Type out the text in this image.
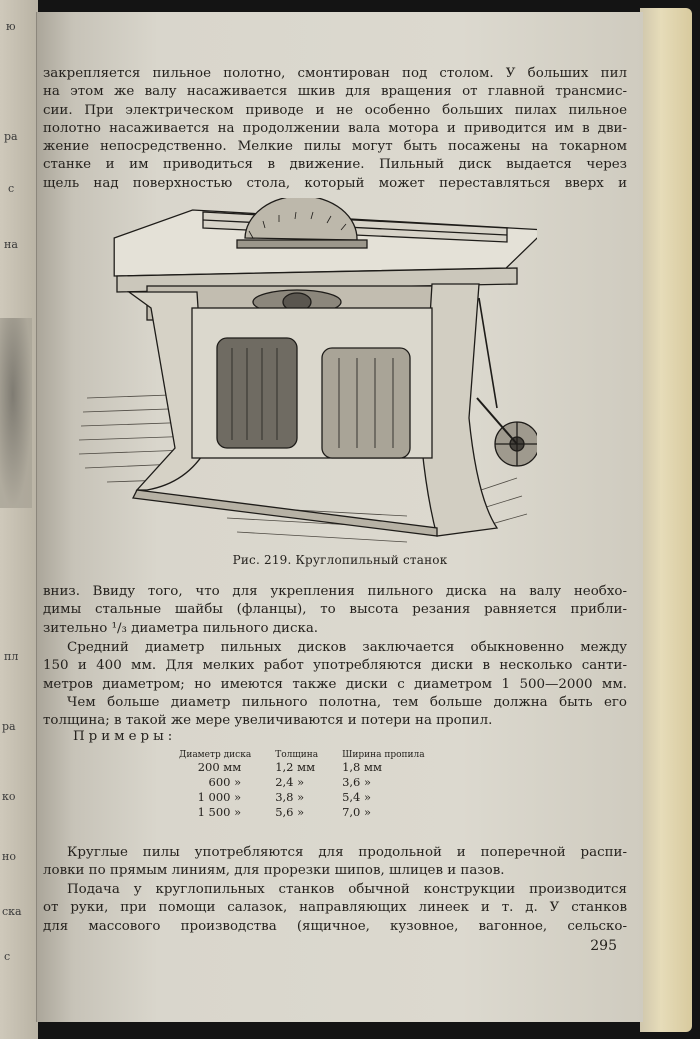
ю
ра
с
на
пл
ра
ко
но
ска
с
закрепляется пильное полотно, смонтирован под столом. У больших пил
на этом же валу насаживается шкив для вращения от главной трансмис-
сии. При электрическом приводе и не особенно больших пилах пильное
полотно насаживается на продолжении вала мотора и приводится им в дви-
жение непосредственно. Мелкие пилы могут быть посажены на токарном
станке и им приводиться в движение. Пильный диск выдается через
щель над поверхностью стола, который может переставляться вверх и
Рис. 219. Круглопильный станок
вниз. Ввиду того, что для укрепления пильного диска на валу необхо-
димы стальные шайбы (фланцы), то высота резания равняется прибли-
зительно ¹/₃ диаметра пильного диска.
Средний диаметр пильных дисков заключается обыкновенно между
150 и 400 мм. Для мелких работ употребляются диски в несколько санти-
метров диаметром; но имеются также диски с диаметром 1 500—2000 мм.
Чем больше диаметр пильного полотна, тем больше должна быть его
толщина; в такой же мере увеличиваются и потери на пропил.
Примеры:
Диаметр диска	Толщина	Ширина пропила
200 мм	1,2 мм	1,8 мм
600 »	2,4 »	3,6 »
1 000 »	3,8 »	5,4 »
1 500 »	5,6 »	7,0 »
Круглые пилы употребляются для продольной и поперечной распи-
ловки по прямым линиям, для прорезки шипов, шлицев и пазов.
Подача у круглопильных станков обычной конструкции производится
от руки, при помощи салазок, направляющих линеек и т. д. У станков
для массового производства (ящичное, кузовное, вагонное, сельско-
295
